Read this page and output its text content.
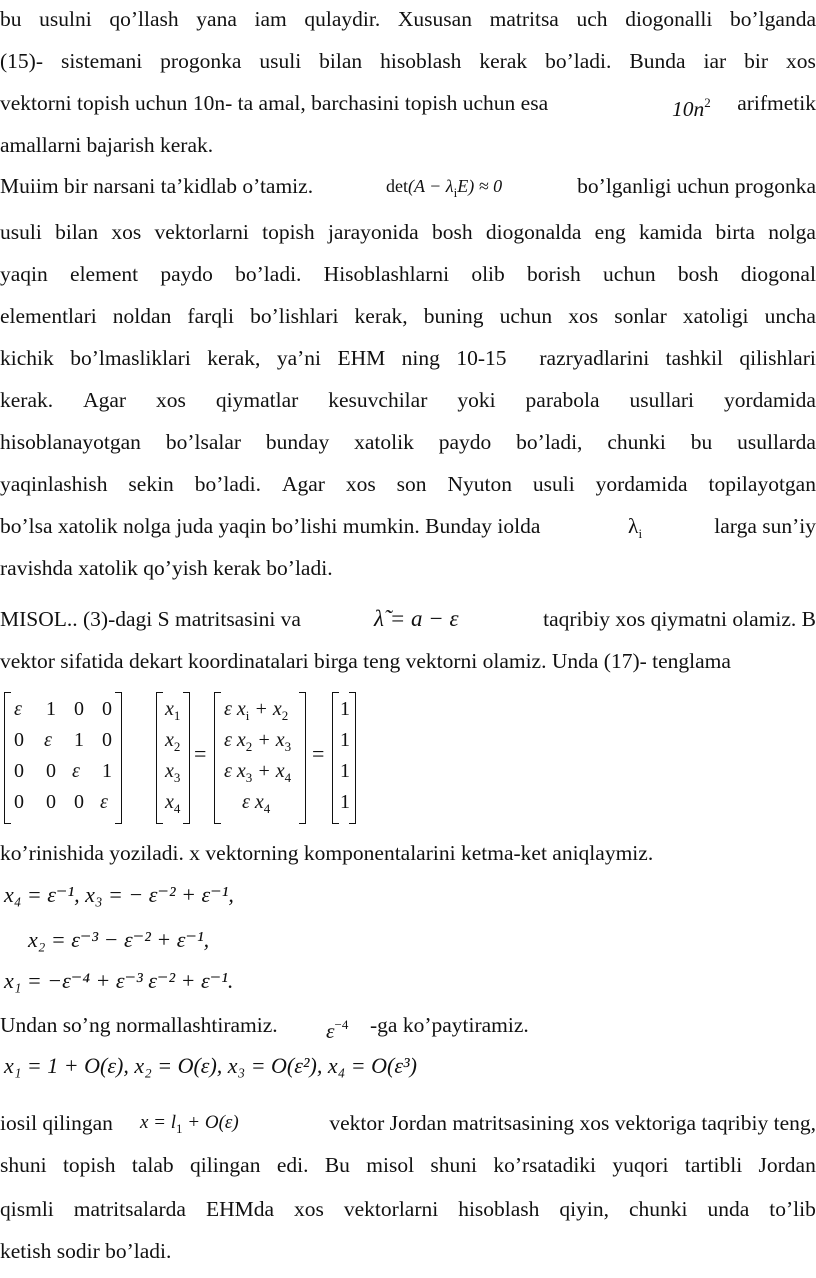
bu usulni qo’llash yana iam qulaydir. Xususan matritsa uch diogonalli bo’lganda
(15)- sistemani progonka usuli bilan hisoblash kerak bo’ladi. Bunda iar bir xos
vektorni topish uchun 10n- ta amal, barchasini topish uchun esa	$10n^2$ arifmetik
amallarni bajarish kerak.
Muiim bir narsani ta’kidlab o’tamiz.	$\det(A - \lambda_iE) \approx 0$	bo’lganligi uchun progonka
usuli bilan xos vektorlarni topish jarayonida bosh diogonalda eng kamida birta nolga
yaqin element paydo bo’ladi. Hisoblashlarni olib borish uchun bosh diogonal
elementlari noldan farqli bo’lishlari kerak, buning uchun xos sonlar xatoligi uncha
kichik bo’lmasliklari kerak, ya’ni EHM ning 10-15 razryadlarini tashkil qilishlari
kerak. Agar xos qiymatlar kesuvchilar yoki parabola usullari yordamida
hisoblanayotgan bo’lsalar bunday xatolik paydo bo’ladi, chunki bu usullarda
yaqinlashish sekin bo’ladi. Agar xos son Nyuton usuli yordamida topilayotgan
bo’lsa xatolik nolga juda yaqin bo’lishi mumkin. Bunday iolda	$\lambda_i$	larga sun’iy
ravishda xatolik qo’yish kerak bo’ladi.
MISOL.. (3)-dagi S matritsasini va	λ̃ = a − ε	taqribiy xos qiymatni olamiz. B
vektor sifatida dekart koordinatalari birga teng vektorni olamiz. Unda (17)- tenglama
ε 1 0 0
0 ε 1 0
0 0 ε 1
0 0 0 ε
$x_1$
$x_2$
$x_3$
$x_4$
=
ε $x_i + x_2$
ε $x_2 + x_3$
ε $x_3 + x_4$
ε $x_4$
=
1
1
1
1
ko’rinishida yoziladi. x vektorning komponentalarini ketma-ket aniqlaymiz.
x₄ = ε⁻¹, x₃ = − ε⁻² + ε⁻¹,
x₂ = ε⁻³ − ε⁻² + ε⁻¹,
x₁ = −ε⁻⁴ + ε⁻³ ε⁻² + ε⁻¹.
Undan so’ng normallashtiramiz. $\varepsilon^{-4}$ -ga ko’paytiramiz.
x₁ = 1 + O(ε), x₂ = O(ε), x₃ = O(ε²), x₄ = O(ε³)
iosil qilingan $x = l_1 + O(\varepsilon)$	vektor Jordan matritsasining xos vektoriga taqribiy teng,
shuni topish talab qilingan edi. Bu misol shuni ko’rsatadiki yuqori tartibli Jordan
qismli matritsalarda EHMda xos vektorlarni hisoblash qiyin, chunki unda to’lib
ketish sodir bo’ladi.
